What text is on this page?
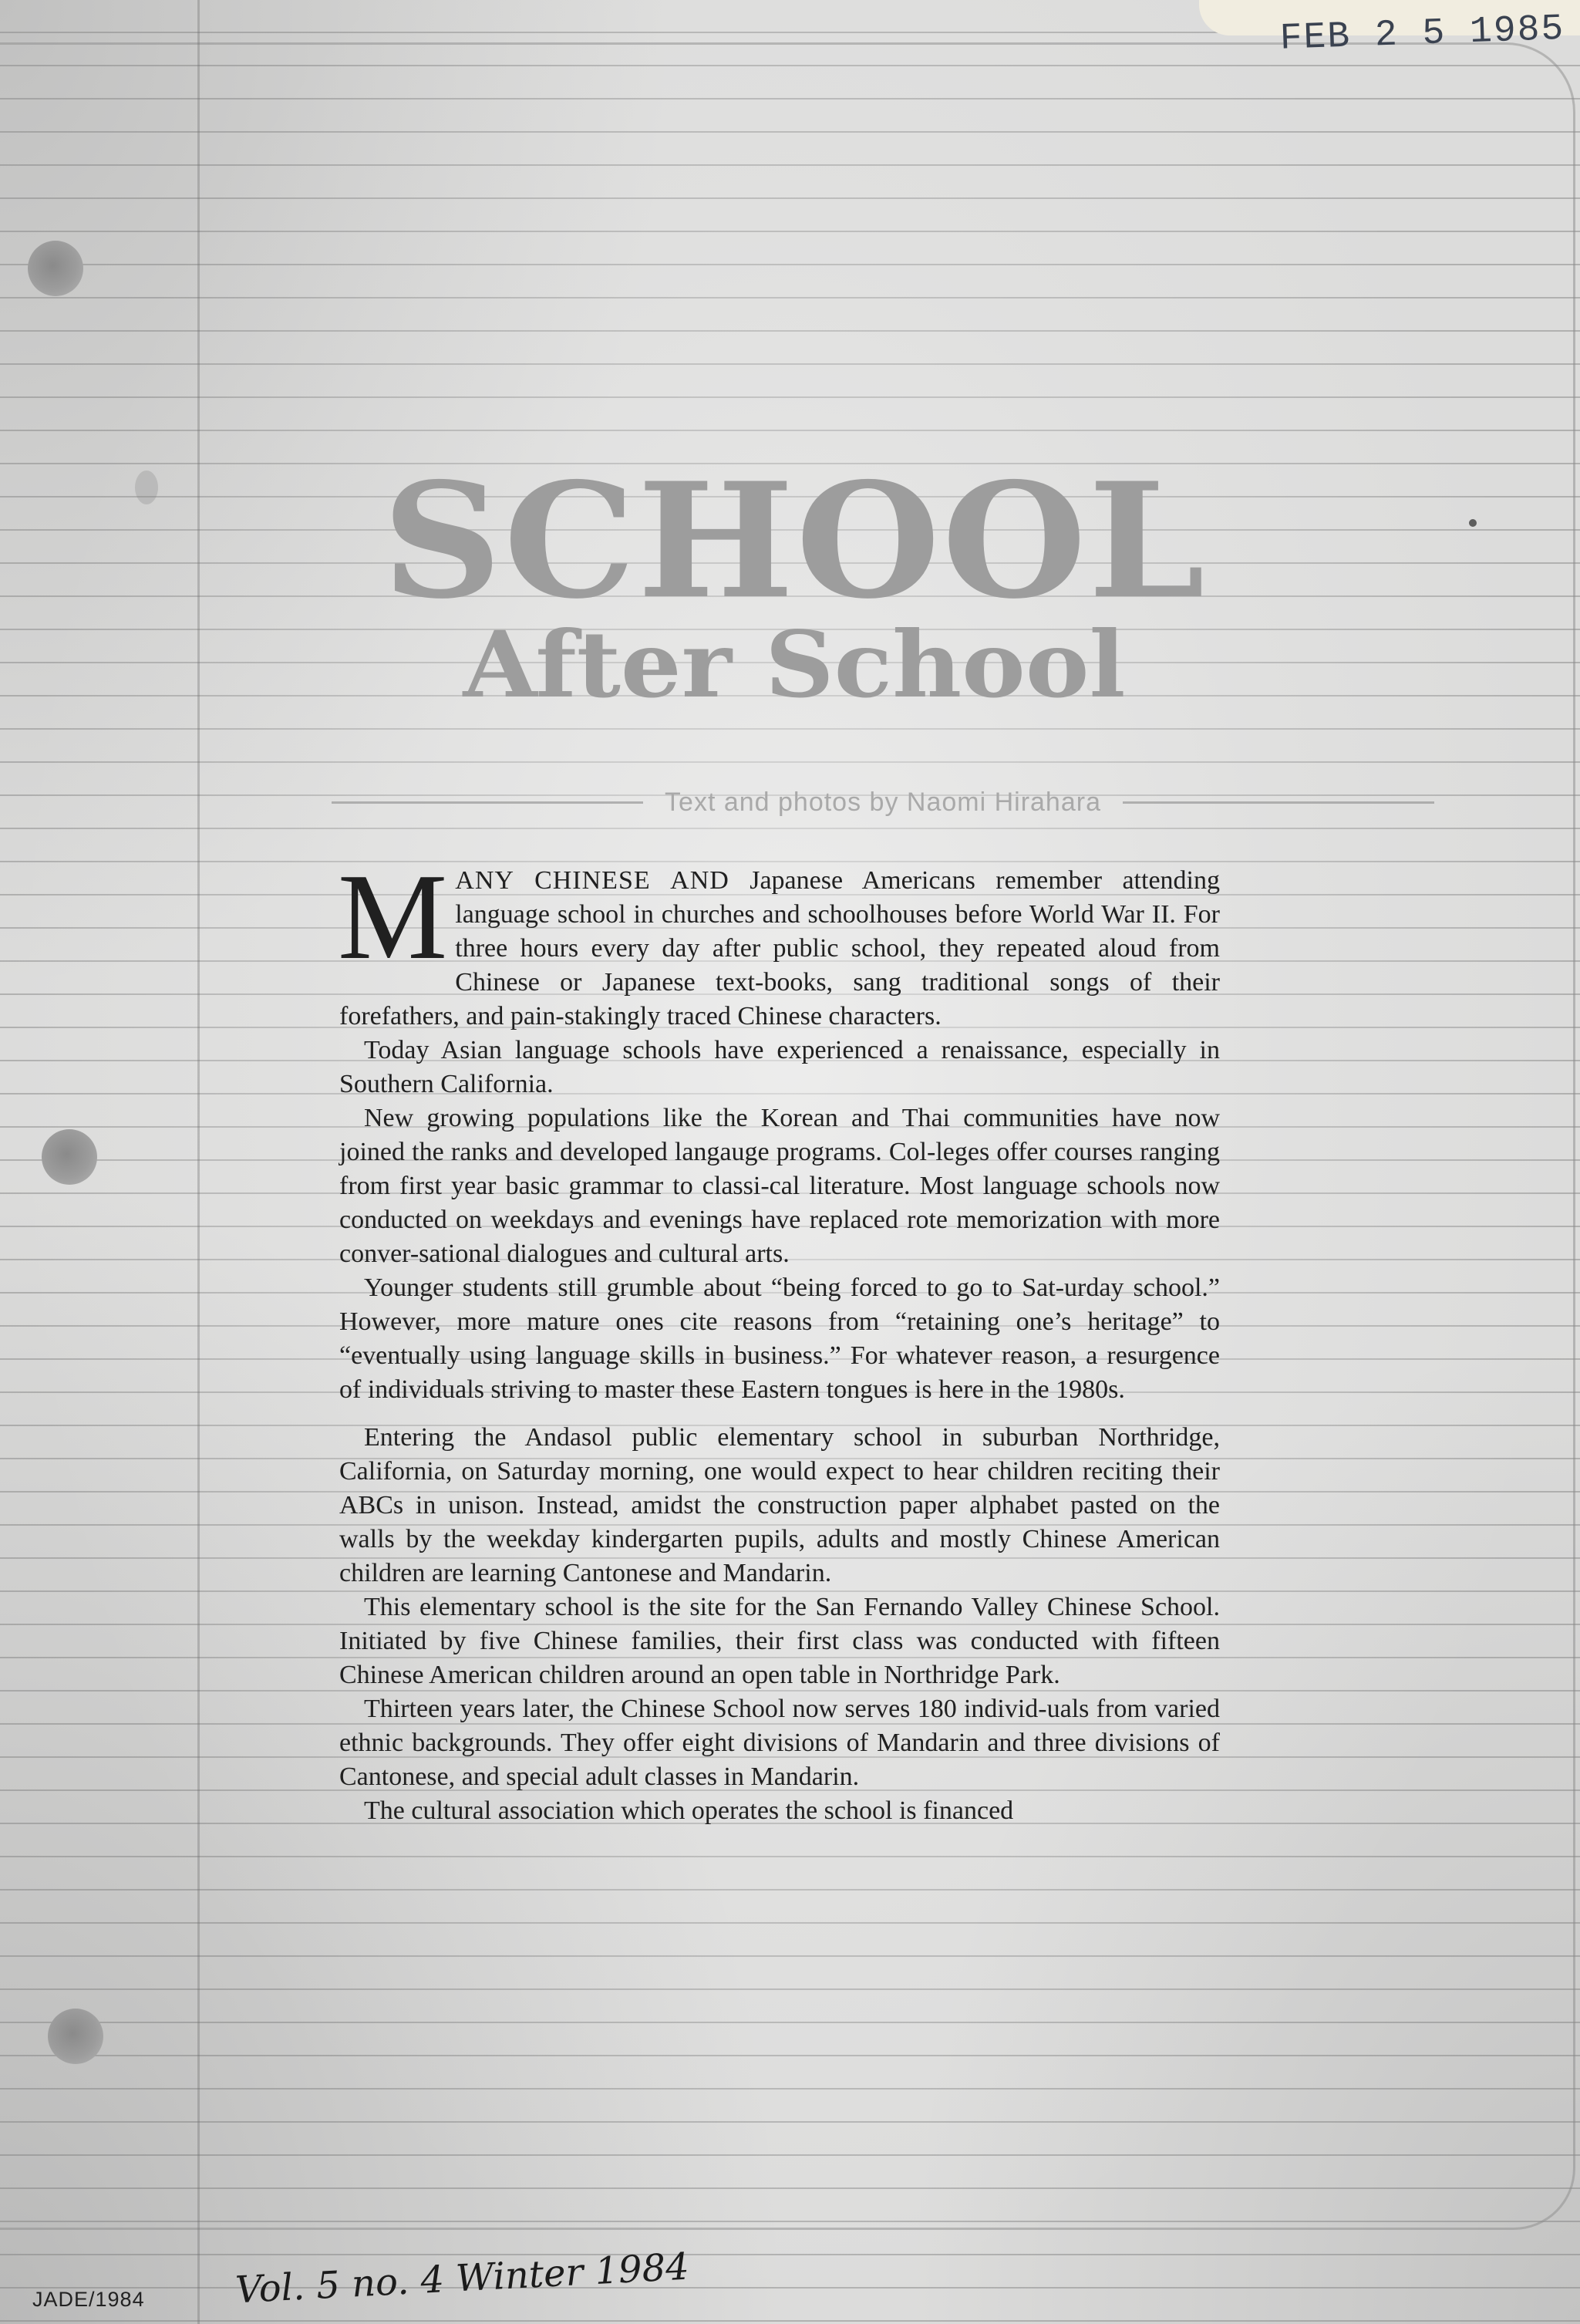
FEB 2 5 1985

SCHOOL
After School

Text and photos by Naomi Hirahara

MANY CHINESE AND Japanese Americans remember attending language school in churches and schoolhouses before World War II. For three hours every day after public school, they repeated aloud from Chinese or Japanese text-books, sang traditional songs of their forefathers, and pain-stakingly traced Chinese characters.

Today Asian language schools have experienced a renaissance, especially in Southern California.

New growing populations like the Korean and Thai communities have now joined the ranks and developed langauge programs. Col-leges offer courses ranging from first year basic grammar to classi-cal literature. Most language schools now conducted on weekdays and evenings have replaced rote memorization with more conver-sational dialogues and cultural arts.

Younger students still grumble about “being forced to go to Sat-urday school.” However, more mature ones cite reasons from “retaining one’s heritage” to “eventually using language skills in business.” For whatever reason, a resurgence of individuals striving to master these Eastern tongues is here in the 1980s.

Entering the Andasol public elementary school in suburban Northridge, California, on Saturday morning, one would expect to hear children reciting their ABCs in unison. Instead, amidst the construction paper alphabet pasted on the walls by the weekday kindergarten pupils, adults and mostly Chinese American children are learning Cantonese and Mandarin.

This elementary school is the site for the San Fernando Valley Chinese School. Initiated by five Chinese families, their first class was conducted with fifteen Chinese American children around an open table in Northridge Park.

Thirteen years later, the Chinese School now serves 180 individ-uals from varied ethnic backgrounds. They offer eight divisions of Mandarin and three divisions of Cantonese, and special adult classes in Mandarin.

The cultural association which operates the school is financed

JADE/1984 Vol. 5 no. 4 Winter 1984
